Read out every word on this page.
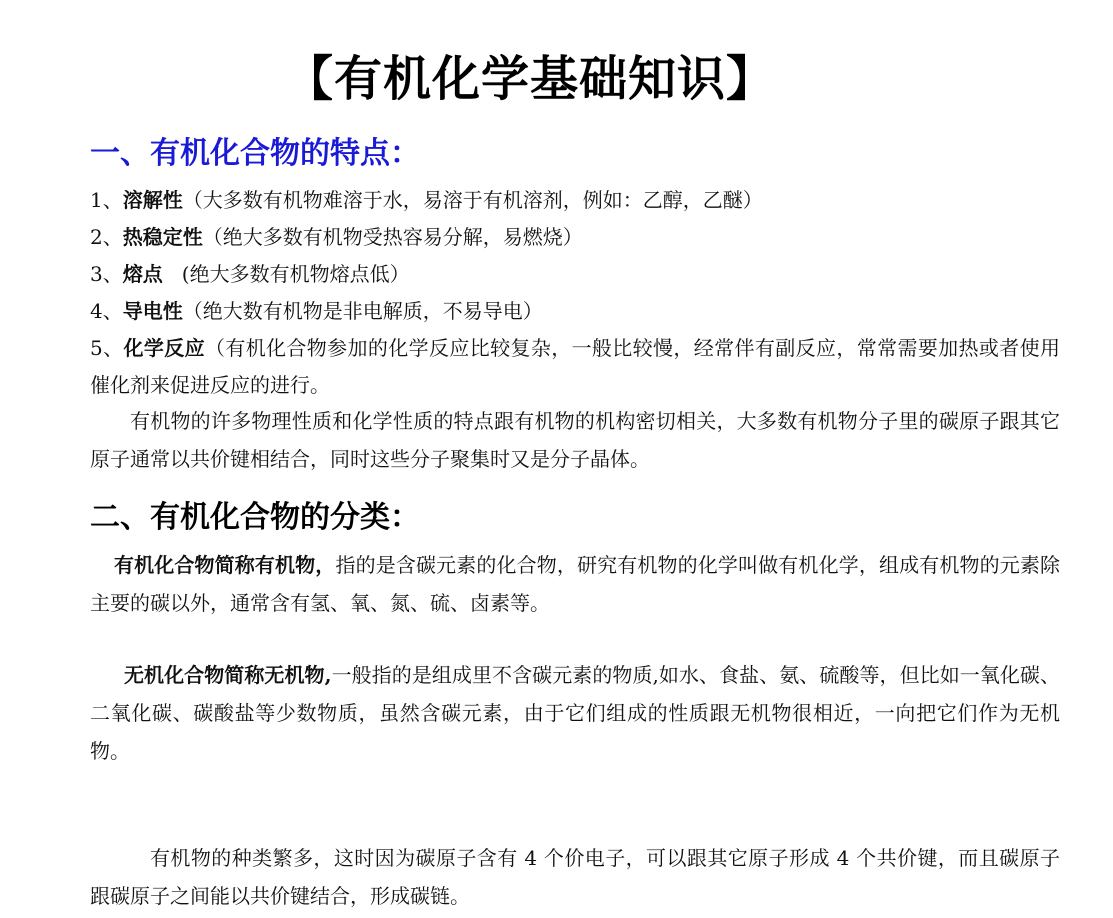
【有机化学基础知识】
一、有机化合物的特点：
1、溶解性（大多数有机物难溶于水，易溶于有机溶剂，例如：乙醇，乙醚）
2、热稳定性（绝大多数有机物受热容易分解，易燃烧）
3、熔点   (绝大多数有机物熔点低）
4、导电性（绝大数有机物是非电解质，不易导电）
5、化学反应（有机化合物参加的化学反应比较复杂，一般比较慢，经常伴有副反应，常常需要加热或者使用催化剂来促进反应的进行。
有机物的许多物理性质和化学性质的特点跟有机物的机构密切相关，大多数有机物分子里的碳原子跟其它原子通常以共价键相结合，同时这些分子聚集时又是分子晶体。
二、有机化合物的分类：
有机化合物简称有机物，指的是含碳元素的化合物，研究有机物的化学叫做有机化学，组成有机物的元素除主要的碳以外，通常含有氢、氧、氮、硫、卤素等。
无机化合物简称无机物,一般指的是组成里不含碳元素的物质,如水、食盐、氨、硫酸等，但比如一氧化碳、二氧化碳、碳酸盐等少数物质，虽然含碳元素，由于它们组成的性质跟无机物很相近，一向把它们作为无机物。
有机物的种类繁多，这时因为碳原子含有 4 个价电子，可以跟其它原子形成 4 个共价键，而且碳原子跟碳原子之间能以共价键结合，形成碳链。
